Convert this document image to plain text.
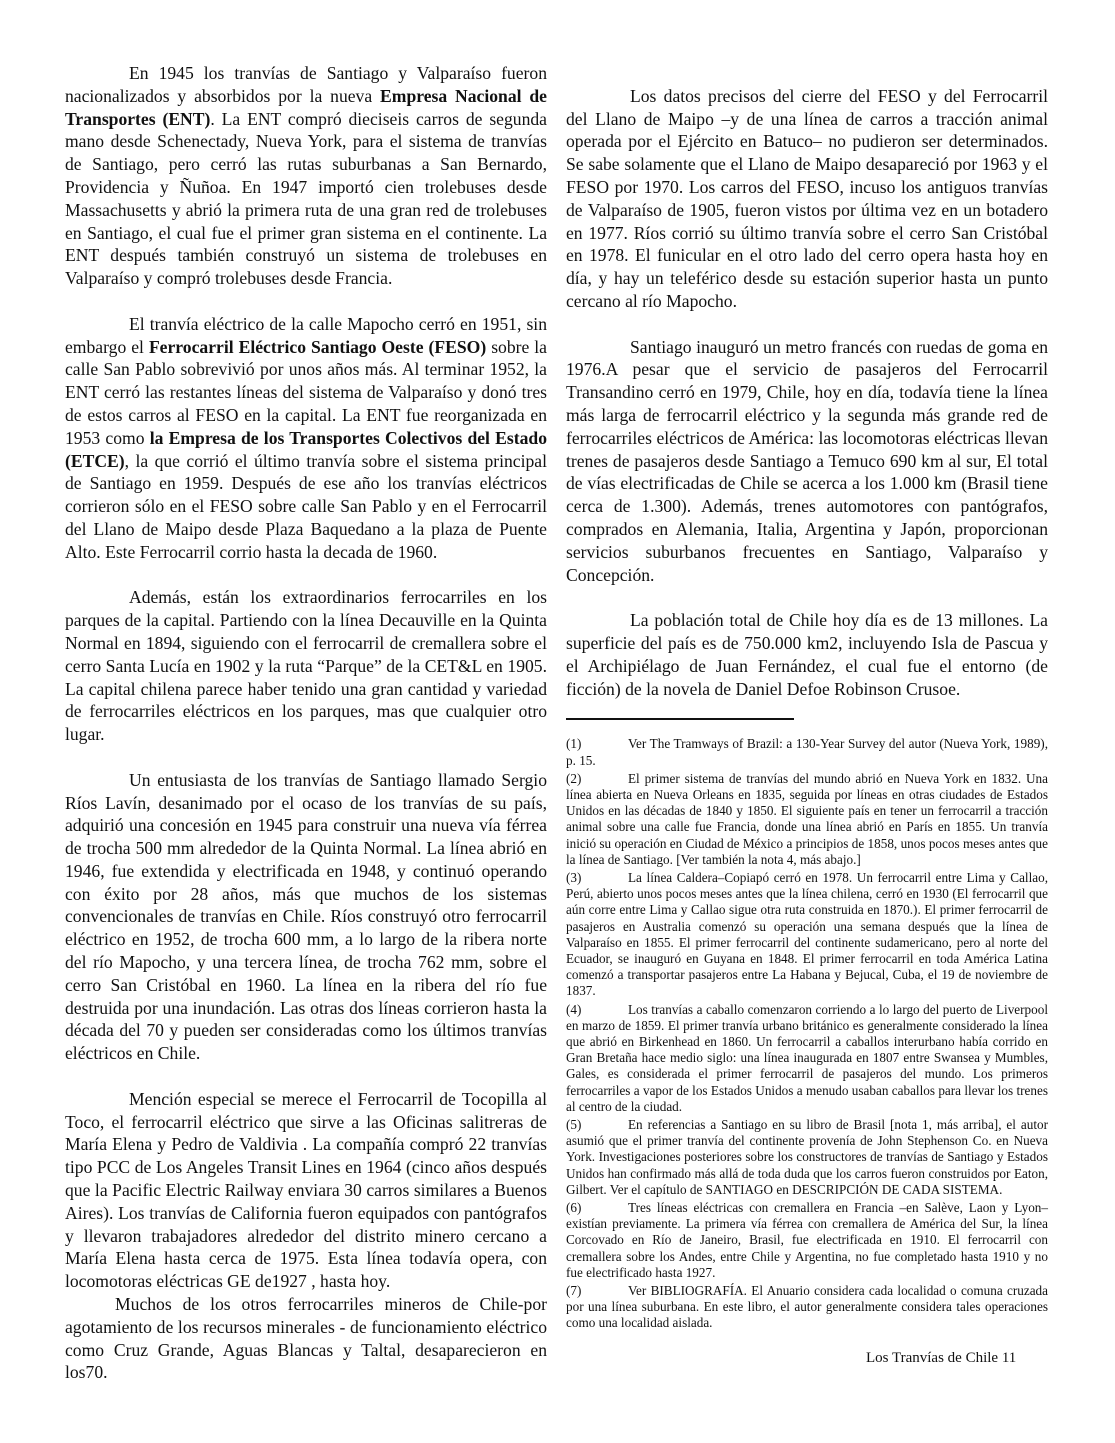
En 1945 los tranvías de Santiago y Valparaíso fueron nacionalizados y absorbidos por la nueva Empresa Nacional de Transportes (ENT). La ENT compró dieciseis carros de segunda mano desde Schenectady, Nueva York, para el sistema de tranvías de Santiago, pero cerró las rutas suburbanas a San Bernardo, Providencia y Ñuñoa. En 1947 importó cien trolebuses desde Massachusetts y abrió la primera ruta de una gran red de trolebuses en Santiago, el cual fue el primer gran sistema en el continente. La ENT después también construyó un sistema de trolebuses en Valparaíso y compró trolebuses desde Francia.

El tranvía eléctrico de la calle Mapocho cerró en 1951, sin embargo el Ferrocarril Eléctrico Santiago Oeste (FESO) sobre la calle San Pablo sobrevivió por unos años más. Al terminar 1952, la ENT cerró las restantes líneas del sistema de Valparaíso y donó tres de estos carros al FESO en la capital. La ENT fue reorganizada en 1953 como la Empresa de los Transportes Colectivos del Estado (ETCE), la que corrió el último tranvía sobre el sistema principal de Santiago en 1959. Después de ese año los tranvías eléctricos corrieron sólo en el FESO sobre calle San Pablo y en el Ferrocarril del Llano de Maipo desde Plaza Baquedano a la plaza de Puente Alto. Este Ferrocarril corrio hasta la decada de 1960.

Además, están los extraordinarios ferrocarriles en los parques de la capital. Partiendo con la línea Decauville en la Quinta Normal en 1894, siguiendo con el ferrocarril de cremallera sobre el cerro Santa Lucía en 1902 y la ruta “Parque” de la CET&L en 1905. La capital chilena parece haber tenido una gran cantidad y variedad de ferrocarriles eléctricos en los parques, mas que cualquier otro lugar.

Un entusiasta de los tranvías de Santiago llamado Sergio Ríos Lavín, desanimado por el ocaso de los tranvías de su país, adquirió una concesión en 1945 para construir una nueva vía férrea de trocha 500 mm alrededor de la Quinta Normal. La línea abrió en 1946, fue extendida y electrificada en 1948, y continuó operando con éxito por 28 años, más que muchos de los sistemas convencionales de tranvías en Chile. Ríos construyó otro ferrocarril eléctrico en 1952, de trocha 600 mm, a lo largo de la ribera norte del río Mapocho, y una tercera línea, de trocha 762 mm, sobre el cerro San Cristóbal en 1960. La línea en la ribera del río fue destruida por una inundación. Las otras dos líneas corrieron hasta la década del 70 y pueden ser consideradas como los últimos tranvías eléctricos en Chile.

Mención especial se merece el Ferrocarril de Tocopilla al Toco, el ferrocarril eléctrico que sirve a las Oficinas salitreras de María Elena y Pedro de Valdivia . La compañía compró 22 tranvías tipo PCC de Los Angeles Transit Lines en 1964 (cinco años después que la Pacific Electric Railway enviara 30 carros similares a Buenos Aires). Los tranvías de California fueron equipados con pantógrafos y llevaron trabajadores alrededor del distrito minero cercano a María Elena hasta cerca de 1975. Esta línea todavía opera, con locomotoras eléctricas GE de1927 , hasta hoy.

Muchos de los otros ferrocarriles mineros de Chile-por agotamiento de los recursos minerales - de funcionamiento eléctrico como Cruz Grande, Aguas Blancas y Taltal, desaparecieron en los70.

Los datos precisos del cierre del FESO y del Ferrocarril del Llano de Maipo –y de una línea de carros a tracción animal operada por el Ejército en Batuco– no pudieron ser determinados. Se sabe solamente que el Llano de Maipo desapareció por 1963 y el FESO por 1970. Los carros del FESO, incuso los antiguos tranvías de Valparaíso de 1905, fueron vistos por última vez en un botadero en 1977. Ríos corrió su último tranvía sobre el cerro San Cristóbal en 1978. El funicular en el otro lado del cerro opera hasta hoy en día, y hay un teleférico desde su estación superior hasta un punto cercano al río Mapocho.

Santiago inauguró un metro francés con ruedas de goma en 1976.A pesar que el servicio de pasajeros del Ferrocarril Transandino cerró en 1979, Chile, hoy en día, todavía tiene la línea más larga de ferrocarril eléctrico y la segunda más grande red de ferrocarriles eléctricos de América: las locomotoras eléctricas llevan trenes de pasajeros desde Santiago a Temuco 690 km al sur, El total de vías electrificadas de Chile se acerca a los 1.000 km (Brasil tiene cerca de 1.300). Además, trenes automotores con pantógrafos, comprados en Alemania, Italia, Argentina y Japón, proporcionan servicios suburbanos frecuentes en Santiago, Valparaíso y Concepción.

La población total de Chile hoy día es de 13 millones. La superficie del país es de 750.000 km2, incluyendo Isla de Pascua y el Archipiélago de Juan Fernández, el cual fue el entorno (de ficción) de la novela de Daniel Defoe Robinson Crusoe.

(1)	Ver The Tramways of Brazil: a 130-Year Survey del autor (Nueva York, 1989), p. 15.
(2)	El primer sistema de tranvías del mundo abrió en Nueva York en 1832. Una línea abierta en Nueva Orleans en 1835, seguida por líneas en otras ciudades de Estados Unidos en las décadas de 1840 y 1850. El siguiente país en tener un ferrocarril a tracción animal sobre una calle fue Francia, donde una línea abrió en París en 1855. Un tranvía inició su operación en Ciudad de México a principios de 1858, unos pocos meses antes que la línea de Santiago. [Ver también la nota 4, más abajo.]
(3)	La línea Caldera–Copiapó cerró en 1978. Un ferrocarril entre Lima y Callao, Perú, abierto unos pocos meses antes que la línea chilena, cerró en 1930 (El ferrocarril que aún corre entre Lima y Callao sigue otra ruta construida en 1870.). El primer ferrocarril de pasajeros en Australia comenzó su operación una semana después que la línea de Valparaíso en 1855. El primer ferrocarril del continente sudamericano, pero al norte del Ecuador, se inauguró en Guyana en 1848. El primer ferrocarril en toda América Latina comenzó a transportar pasajeros entre La Habana y Bejucal, Cuba, el 19 de noviembre de 1837.
(4)	Los tranvías a caballo comenzaron corriendo a lo largo del puerto de Liverpool en marzo de 1859. El primer tranvía urbano británico es generalmente considerado la línea que abrió en Birkenhead en 1860. Un ferrocarril a caballos interurbano había corrido en Gran Bretaña hace medio siglo: una línea inaugurada en 1807 entre Swansea y Mumbles, Gales, es considerada el primer ferrocarril de pasajeros del mundo. Los primeros ferrocarriles a vapor de los Estados Unidos a menudo usaban caballos para llevar los trenes al centro de la ciudad.
(5)	En referencias a Santiago en su libro de Brasil [nota 1, más arriba], el autor asumió que el primer tranvía del continente provenía de John Stephenson Co. en Nueva York. Investigaciones posteriores sobre los constructores de tranvías de Santiago y Estados Unidos han confirmado más allá de toda duda que los carros fueron construidos por Eaton, Gilbert. Ver el capítulo de SANTIAGO en DESCRIPCIÓN DE CADA SISTEMA.
(6)	Tres líneas eléctricas con cremallera en Francia –en Salève, Laon y Lyon– existían previamente. La primera vía férrea con cremallera de América del Sur, la línea Corcovado en Río de Janeiro, Brasil, fue electrificada en 1910. El ferrocarril con cremallera sobre los Andes, entre Chile y Argentina, no fue completado hasta 1910 y no fue electrificado hasta 1927.
(7)	Ver BIBLIOGRAFÍA. El Anuario considera cada localidad o comuna cruzada por una línea suburbana. En este libro, el autor generalmente considera tales operaciones como una localidad aislada.
Los Tranvías de Chile 11
